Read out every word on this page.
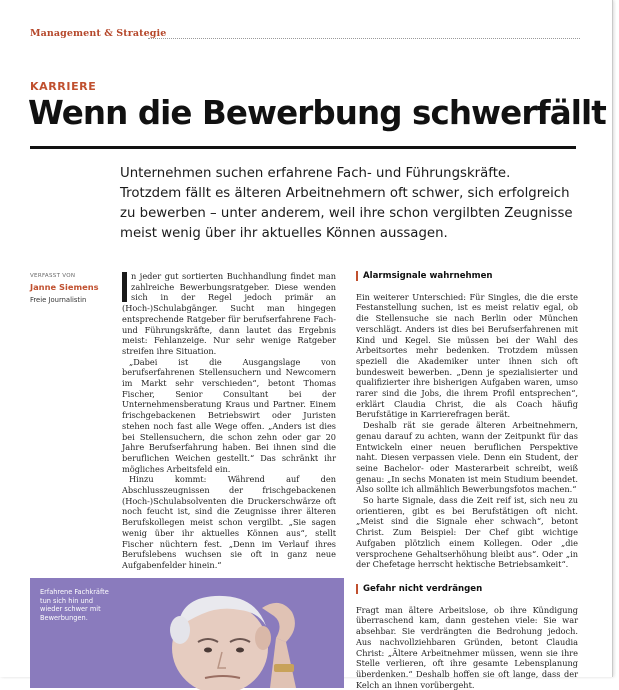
Management & Strategie
KARRIERE
Wenn die Bewerbung schwerfällt
Unternehmen suchen erfahrene Fach- und Führungskräfte.
Trotzdem fällt es älteren Arbeitnehmern oft schwer, sich erfolgreich
zu bewerben – unter anderem, weil ihre schon vergilbten Zeugnisse
meist wenig über ihr aktuelles Können aussagen.
VERFASST VON
Janne Siemens
Freie Journalistin

n jeder gut sortierten Buchhandlung findet man zahlreiche Bewerbungsratgeber. Diese wenden sich in der Regel jedoch primär an (Hoch-)Schulabgänger. Sucht man hingegen entsprechende Ratgeber für berufserfahrene Fach- und Führungskräfte, dann lautet das Ergebnis meist: Fehlanzeige. Nur sehr wenige Ratgeber streifen ihre Situation.

„Dabei ist die Ausgangslage von berufserfahrenen Stellensuchern und Newcomern im Markt sehr verschieden“, betont Thomas Fischer, Senior Consultant bei der Unternehmensberatung Kraus und Partner. Einem frischgebackenen Betriebswirt oder Juristen stehen noch fast alle Wege offen. „Anders ist dies bei Stellensuchern, die schon zehn oder gar 20 Jahre Berufserfahrung haben. Bei ihnen sind die beruflichen Weichen gestellt.“ Das schränkt ihr mögliches Arbeitsfeld ein.

Hinzu kommt: Während auf den Abschlusszeugnissen der frischgebackenen (Hoch-)Schulabsolventen die Druckerschwärze oft noch feucht ist, sind die Zeugnisse ihrer älteren Berufskollegen meist schon vergilbt. „Sie sagen wenig über ihr aktuelles Können aus“, stellt Fischer nüchtern fest. „Denn im Verlauf ihres Berufslebens wuchsen sie oft in ganz neue Aufgabenfelder hinein.“

Alarmsignale wahrnehmen

Ein weiterer Unterschied: Für Singles, die die erste Festanstellung suchen, ist es meist relativ egal, ob die Stellensuche sie nach Berlin oder München verschlägt. Anders ist dies bei Berufserfahrenen mit Kind und Kegel. Sie müssen bei der Wahl des Arbeitsortes mehr bedenken. Trotzdem müssen speziell die Akademiker unter ihnen sich oft bundesweit bewerben. „Denn je spezialisierter und qualifizierter ihre bisherigen Aufgaben waren, umso rarer sind die Jobs, die ihrem Profil entsprechen“, erklärt Claudia Christ, die als Coach häufig Berufstätige in Karrierefragen berät.

Deshalb rät sie gerade älteren Arbeitnehmern, genau darauf zu achten, wann der Zeitpunkt für das Entwickeln einer neuen beruflichen Perspektive naht. Diesen verpassen viele. Denn ein Student, der seine Bachelor- oder Masterarbeit schreibt, weiß genau: „In sechs Monaten ist mein Studium beendet. Also sollte ich allmählich Bewerbungsfotos machen.“

So harte Signale, dass die Zeit reif ist, sich neu zu orientieren, gibt es bei Berufstätigen oft nicht. „Meist sind die Signale eher schwach“, betont Christ. Zum Beispiel: Der Chef gibt wichtige Aufgaben plötzlich einem Kollegen. Oder „die versprochene Gehaltserhöhung bleibt aus“. Oder „in der Chefetage herrscht hektische Betriebsamkeit“.

Gefahr nicht verdrängen

Fragt man ältere Arbeitslose, ob ihre Kündigung überraschend kam, dann gestehen viele: Sie war absehbar. Sie verdrängten die Bedrohung jedoch. Aus nachvollziehbaren Gründen, betont Claudia Christ: „Ältere Arbeitnehmer müssen, wenn sie ihre Stelle verlieren, oft ihre gesamte Lebensplanung überdenken.“ Deshalb hoffen sie oft lange, dass der Kelch an ihnen vorübergeht.

Erfahrene Fachkräfte
tun sich hin und
wieder schwer mit
Bewerbungen.
